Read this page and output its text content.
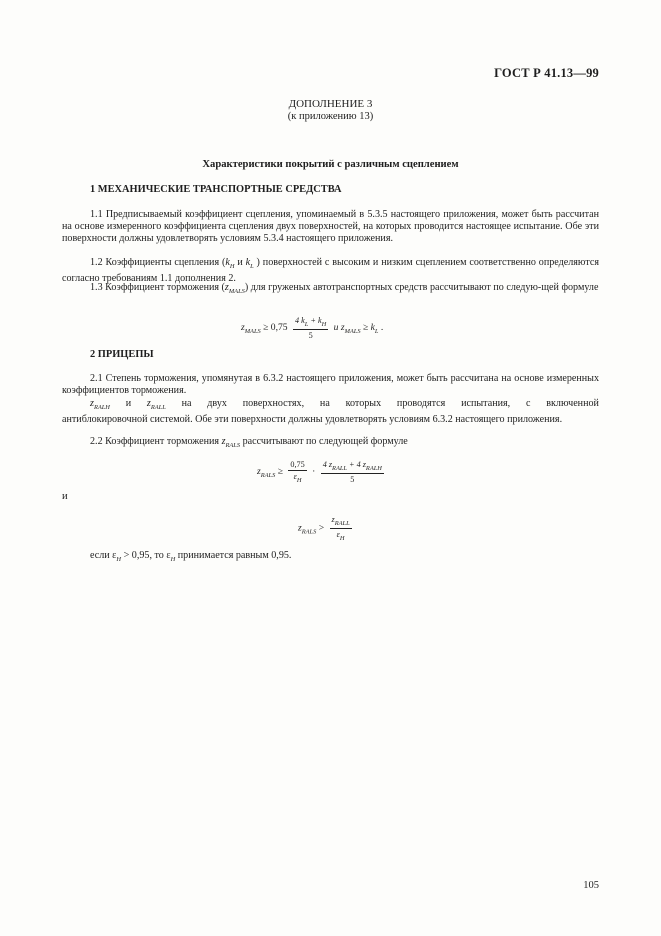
ГОСТ Р 41.13—99
ДОПОЛНЕНИЕ 3
(к приложению 13)
Характеристики покрытий с различным сцеплением
1 МЕХАНИЧЕСКИЕ ТРАНСПОРТНЫЕ СРЕДСТВА
1.1 Предписываемый коэффициент сцепления, упоминаемый в 5.3.5 настоящего приложения, может быть рассчитан на основе измеренного коэффициента сцепления двух поверхностей, на которых проводится настоящее испытание. Обе эти поверхности должны удовлетворять условиям 5.3.4 настоящего приложения.
1.2 Коэффициенты сцепления ($k_H$ и $k_L$ ) поверхностей с высоким и низким сцеплением соответственно определяются согласно требованиям 1.1 дополнения 2.
1.3 Коэффициент торможения $(z_{MALS})$ для груженых автотранспортных средств рассчитывают по следую-щей формуле
$z_{MALS} \ge 0,75 \frac{4 k_L + k_H}{5}$ и $z_{MALS} \ge k_L$ .
2 ПРИЦЕПЫ
2.1 Степень торможения, упомянутая в 6.3.2 настоящего приложения, может быть рассчитана на основе измеренных коэффициентов торможения.
$z_{RALH}$ и $z_{RALL}$ на двух поверхностях, на которых проводятся испытания, с включенной
антиблокировочной системой. Обе эти поверхности должны удовлетворять условиям 6.3.2 настоящего приложения.
2.2 Коэффициент торможения $z_{RALS}$ рассчитывают по следующей формуле
$z_{RALS} \ge \frac{0,75}{\varepsilon_H} \cdot \frac{4 z_{RALL} + 4 z_{RALH}}{5}$
и
$z_{RALS} > \frac{z_{RALL}}{\varepsilon_H}$
если $\varepsilon_H > 0,95$, то $\varepsilon_H$ принимается равным 0,95.
105
